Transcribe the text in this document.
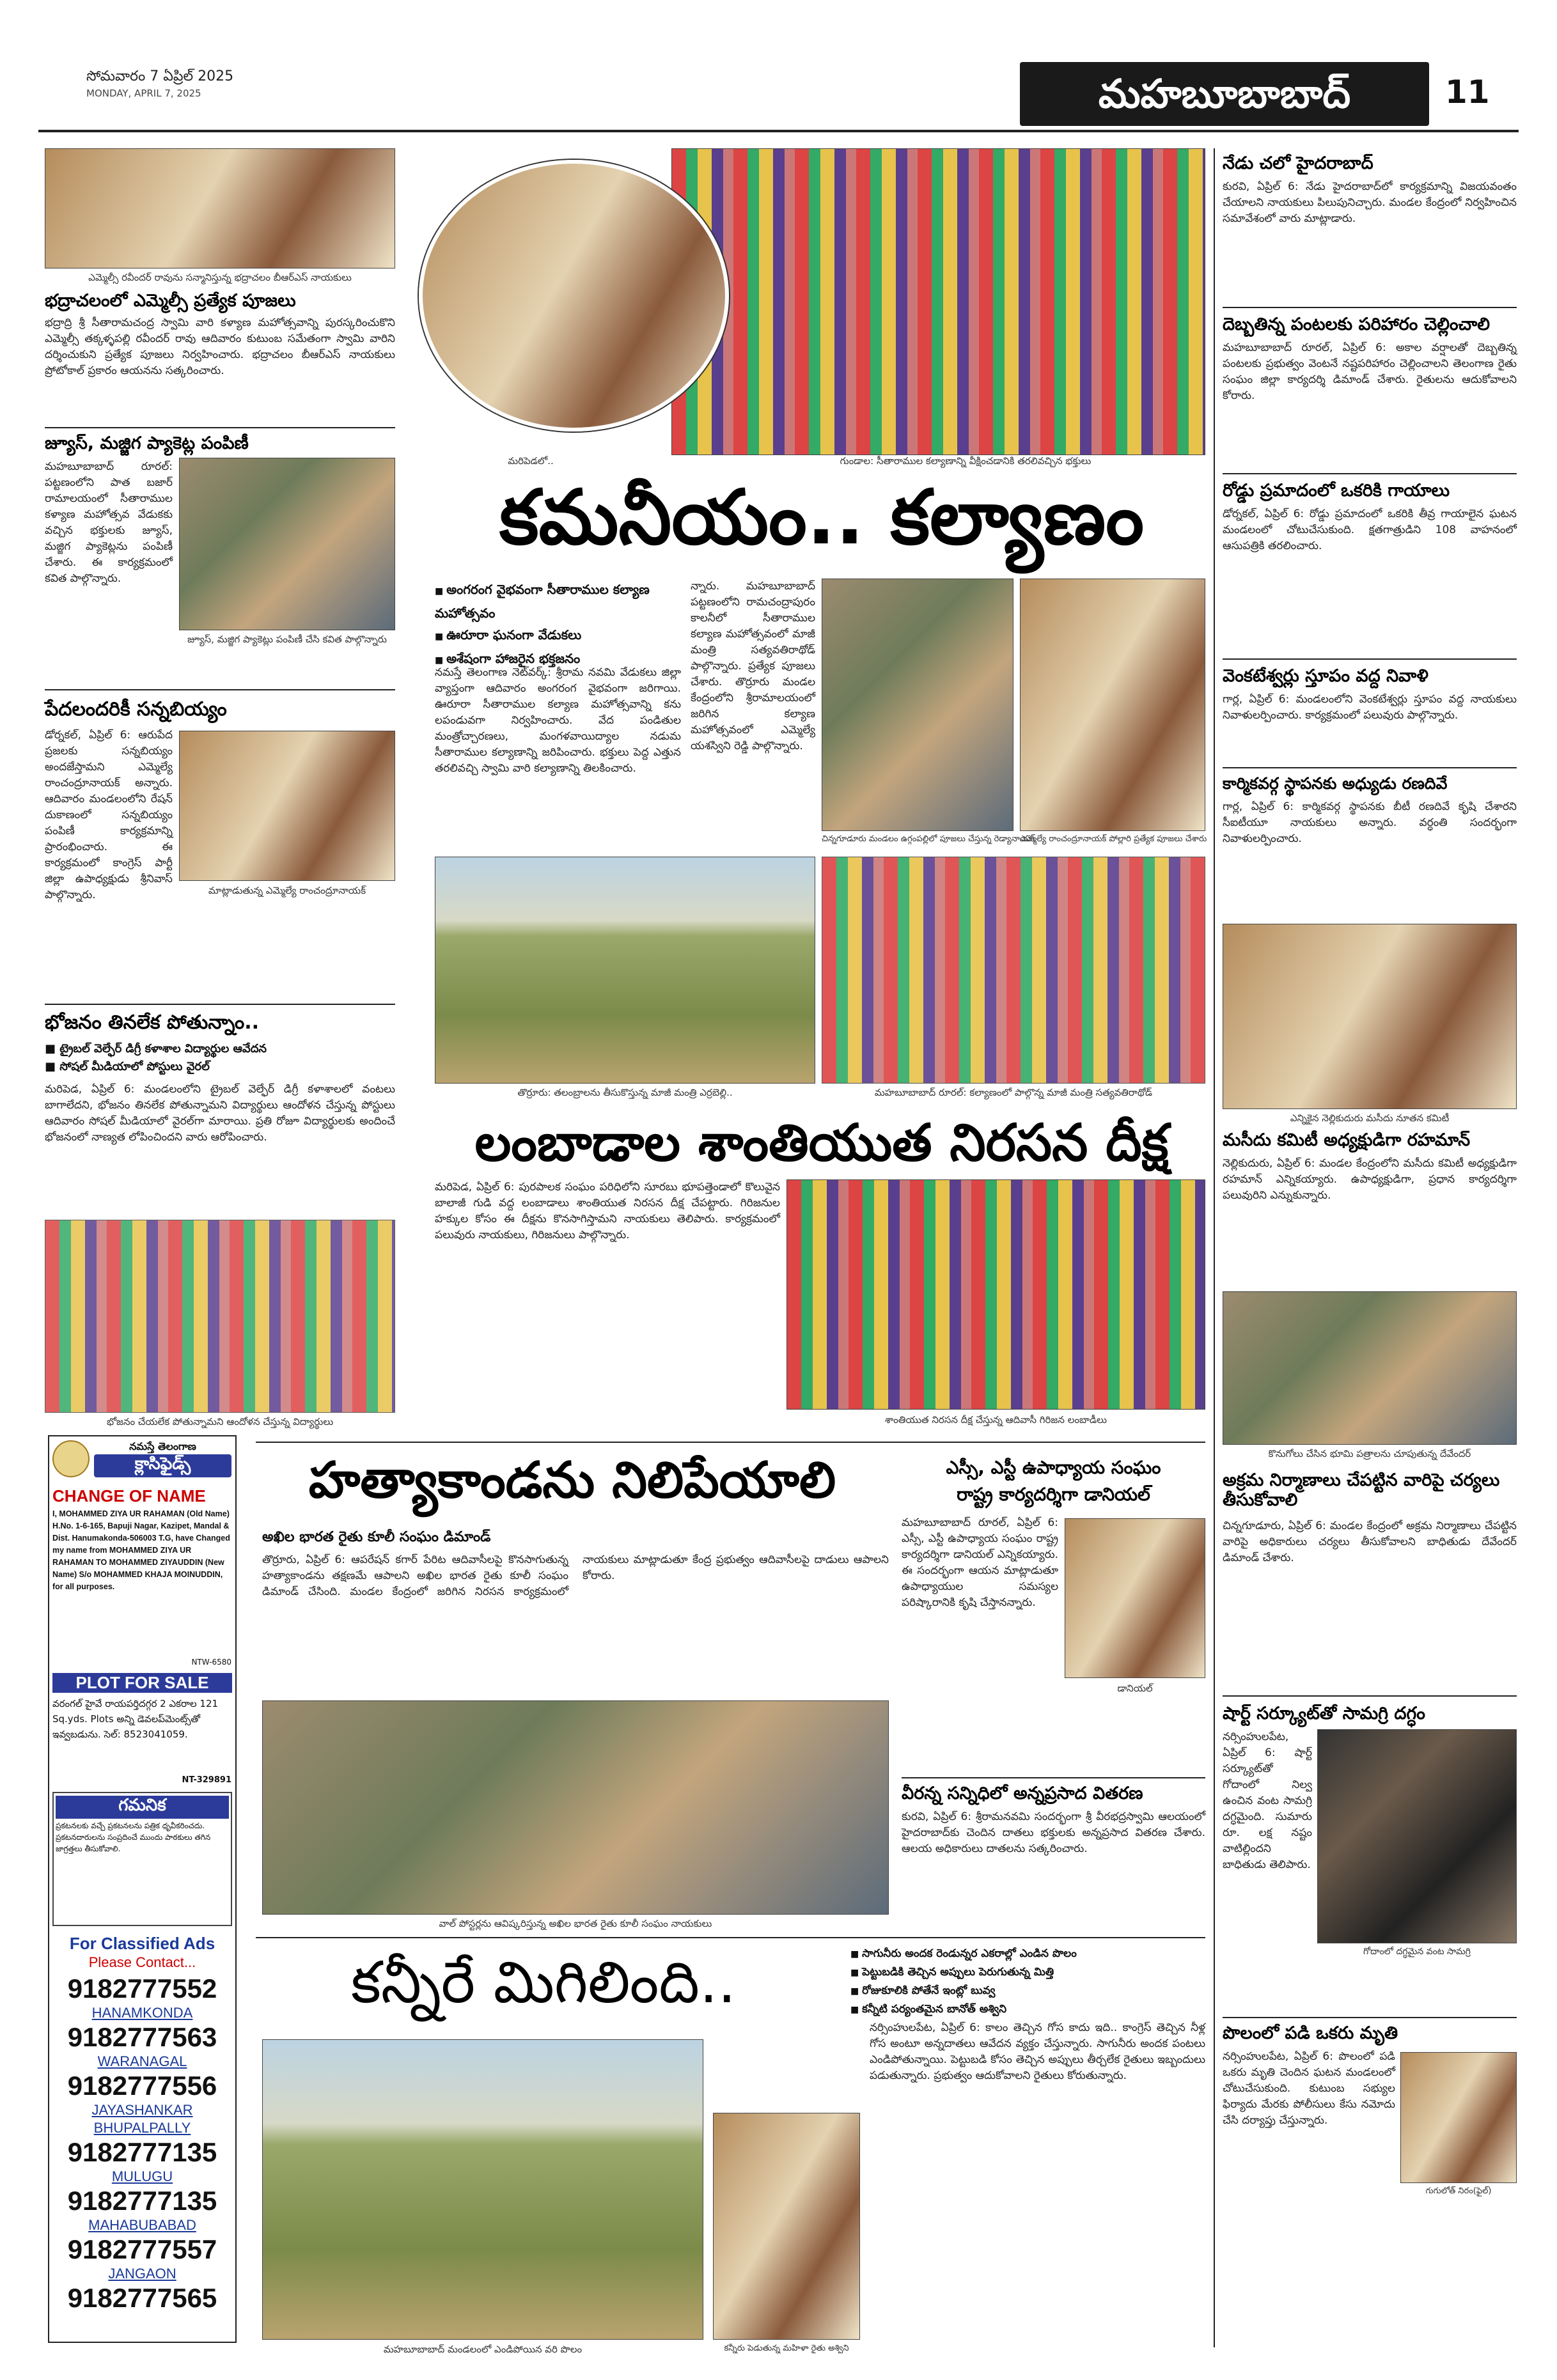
సోమవారం 7 ఏప్రిల్ 2025
MONDAY, APRIL 7, 2025	మహబూబాబాద్	11
ఎమ్మెల్సీ రవీందర్ రావును సన్మానిస్తున్న భద్రాచలం బీఆర్ఎస్ నాయకులు
భద్రాచలంలో ఎమ్మెల్సీ ప్రత్యేక పూజలు
భద్రాద్రి శ్రీ సీతారామచంద్ర స్వామి వారి కళ్యాణ మహోత్సవాన్ని పురస్కరించుకొని ఎమ్మెల్సీ తక్కళ్ళపల్లి రవీందర్ రావు ఆదివారం కుటుంబ సమేతంగా స్వామి వారిని దర్శించుకుని ప్రత్యేక పూజలు నిర్వహించారు. భద్రాచలం బీఆర్ఎస్ నాయకులు ప్రోటోకాల్ ప్రకారం ఆయనను సత్కరించారు.
జ్యూస్, మజ్జిగ ప్యాకెట్ల పంపిణీ
మహబూబాబాద్ రూరల్: పట్టణంలోని పాత బజార్ రామాలయంలో సీతారాముల కళ్యాణ మహోత్సవ వేడుకకు వచ్చిన భక్తులకు జ్యూస్, మజ్జిగ ప్యాకెట్లను పంపిణీ చేశారు. ఈ కార్యక్రమంలో కవిత పాల్గొన్నారు.
జ్యూస్, మజ్జిగ ప్యాకెట్లు పంపిణీ చేసి కవిత పాల్గొన్నారు
పేదలందరికీ సన్నబియ్యం
డోర్నకల్, ఏప్రిల్ 6: ఆరుపేద ప్రజలకు సన్నబియ్యం అందజేస్తామని ఎమ్మెల్యే రాంచంద్రూనాయక్ అన్నారు. ఆదివారం మండలంలోని రేషన్ దుకాణంలో సన్నబియ్యం పంపిణీ కార్యక్రమాన్ని ప్రారంభించారు. ఈ కార్యక్రమంలో కాంగ్రెస్ పార్టీ జిల్లా ఉపాధ్యక్షుడు శ్రీనివాస్ పాల్గొన్నారు.	మాట్లాడుతున్న ఎమ్మెల్యే రాంచంద్రూనాయక్
భోజనం తినలేక పోతున్నాం..
■ ట్రైబల్ వెల్ఫేర్ డిగ్రీ కళాశాల విద్యార్థుల ఆవేదన
■ సోషల్ మీడియాలో పోస్టులు వైరల్
మరిపెడ, ఏప్రిల్ 6: మండలంలోని ట్రైబల్ వెల్ఫేర్ డిగ్రీ కళాశాలలో వంటలు బాగాలేదని, భోజనం తినలేక పోతున్నామని విద్యార్థులు ఆందోళన చేస్తున్న పోస్టులు ఆదివారం సోషల్ మీడియాలో వైరల్‌గా మారాయి. ప్రతి రోజూ విద్యార్థులకు అందించే భోజనంలో నాణ్యత లోపించిందని వారు ఆరోపించారు.
భోజనం చేయలేక పోతున్నామని ఆందోళన చేస్తున్న విద్యార్థులు
నమస్తే తెలంగాణ
క్లాసిఫైడ్స్
CHANGE OF NAME
I, MOHAMMED ZIYA UR RAHAMAN (Old Name) H.No. 1-6-165, Bapuji Nagar, Kazipet, Mandal & Dist. Hanumakonda-506003 T.G, have Changed my name from MOHAMMED ZIYA UR RAHAMAN TO MOHAMMED ZIYAUDDIN (New Name) S/o MOHAMMED KHAJA MOINUDDIN, for all purposes.
NTW-6580
PLOT FOR SALE
వరంగల్ హైవే రాయపర్తిదగ్గర 2 ఎకరాల 121 Sq.yds. Plots అన్ని డెవలప్‌మెంట్స్‌తో ఇవ్వబడును. సెల్: 8523041059.
NT-329891
గమనిక
ప్రకటనలకు వచ్చే ప్రకటనలను పత్రిక ధృవీకరించదు. ప్రకటనదారులను సంప్రదించే ముందు పాఠకులు తగిన జాగ్రత్తలు తీసుకోవాలి.
For Classified Ads
Please Contact...
9182777552
HANAMKONDA
9182777563
WARANAGAL
9182777556
JAYASHANKAR BHUPALPALLY
9182777135
MULUGU
9182777135
MAHABUBABAD
9182777557
JANGAON
9182777565
మరిపెడలో..	గుండాల: సీతారాముల కల్యాణాన్ని వీక్షించడానికి తరలివచ్చిన భక్తులు
కమనీయం.. కల్యాణం
■ అంగరంగ వైభవంగా సీతారాముల కల్యాణ మహోత్సవం
■ ఊరూరా ఘనంగా వేడుకలు
■ అశేషంగా హాజరైన భక్తజనం
నమస్తే తెలంగాణ నెట్‌వర్క్: శ్రీరామ నవమి వేడుకలు జిల్లా వ్యాప్తంగా ఆదివారం అంగరంగ వైభవంగా జరిగాయి. ఊరూరా సీతారాముల కల్యాణ మహోత్సవాన్ని కను లపండువగా నిర్వహించారు. వేద పండితుల మంత్రోచ్చారణలు, మంగళవాయిద్యాల నడుమ సీతారాముల కల్యాణాన్ని జరిపించారు. భక్తులు పెద్ద ఎత్తున తరలివచ్చి స్వామి వారి కల్యాణాన్ని తిలకించారు.
న్నారు. మహబూబాబాద్ పట్టణంలోని రామచంద్రాపురం కాలనీలో సీతారాముల కల్యాణ మహోత్సవంలో మాజీ మంత్రి సత్యవతిరాథోడ్ పాల్గొన్నారు. ప్రత్యేక పూజలు చేశారు. తొర్రూరు మండల కేంద్రంలోని శ్రీరామాలయంలో జరిగిన కల్యాణ మహోత్సవంలో ఎమ్మెల్యే యశస్విని రెడ్డి పాల్గొన్నారు.
చిన్నగూడూరు మండలం ఉగ్గంపల్లిలో పూజలు చేస్తున్న రెడ్యానాయక్
ఎమ్మెల్యే రాంచంద్రూనాయక్ పోల్లారి ప్రత్యేక పూజలు చేశారు
తొర్రూరు: తలంబ్రాలను తీసుకొస్తున్న మాజీ మంత్రి ఎర్రబెల్లి..	మహబూబాబాద్ రూరల్: కల్యాణంలో పాల్గొన్న మాజీ మంత్రి సత్యవతిరాథోడ్
లంబాడాల శాంతియుత నిరసన దీక్ష
మరిపెడ, ఏప్రిల్ 6: పురపాలక సంఘం పరిధిలోని సూరబు భూపత్తెండాలో కొలువైన బాలాజీ గుడి వద్ద లంబాడాలు శాంతియుత నిరసన దీక్ష చేపట్టారు. గిరిజనుల హక్కుల కోసం ఈ దీక్షను కొనసాగిస్తామని నాయకులు తెలిపారు. కార్యక్రమంలో పలువురు నాయకులు, గిరిజనులు పాల్గొన్నారు.
శాంతియుత నిరసన దీక్ష చేస్తున్న ఆదివాసీ గిరిజన లంబాడీలు
హత్యాకాండను నిలిపేయాలి
అఖిల భారత రైతు కూలీ సంఘం డిమాండ్
తొర్రూరు, ఏప్రిల్ 6: ఆపరేషన్ కగార్ పేరిట ఆదివాసీలపై కొనసాగుతున్న హత్యాకాండను తక్షణమే ఆపాలని అఖిల భారత రైతు కూలీ సంఘం డిమాండ్ చేసింది. మండల కేంద్రంలో జరిగిన నిరసన కార్యక్రమంలో నాయకులు మాట్లాడుతూ కేంద్ర ప్రభుత్వం ఆదివాసీలపై దాడులు ఆపాలని కోరారు.
వాల్ పోస్టర్లను ఆవిష్కరిస్తున్న అఖిల భారత రైతు కూలీ సంఘం నాయకులు
ఎస్సీ, ఎస్టీ ఉపాధ్యాయ సంఘం
రాష్ట్ర కార్యదర్శిగా డానియల్
మహబూబాబాద్ రూరల్, ఏప్రిల్ 6: ఎస్సీ, ఎస్టీ ఉపాధ్యాయ సంఘం రాష్ట్ర కార్యదర్శిగా డానియల్ ఎన్నికయ్యారు. ఈ సందర్భంగా ఆయన మాట్లాడుతూ ఉపాధ్యాయుల సమస్యల పరిష్కారానికి కృషి చేస్తానన్నారు.
డానియల్
వీరన్న సన్నిధిలో అన్నప్రసాద వితరణ
కురవి, ఏప్రిల్ 6: శ్రీరామనవమి సందర్భంగా శ్రీ వీరభద్రస్వామి ఆలయంలో హైదరాబాద్‌కు చెందిన దాతలు భక్తులకు అన్నప్రసాద వితరణ చేశారు. ఆలయ అధికారులు దాతలను సత్కరించారు.
కన్నీరే మిగిలింది..
■	సాగునీరు అందక రెండున్నర ఎకరాల్లో ఎండిన పొలం
■ పెట్టుబడికి తెచ్చిన అప్పులు పెరుగుతున్న మిత్తి
■ రోజుకూలికి పోతేనే ఇంట్లో బువ్వ
■ కన్నీటి పర్యంతమైన బానోత్ అశ్విని
మహబూబాబాద్ మండలంలో ఎండిపోయిన వరి పొలం	కన్నీరు పెడుతున్న మహిళా రైతు అశ్విని
నర్సింహులపేట, ఏప్రిల్ 6: కాలం తెచ్చిన గోస కాదు ఇది.. కాంగ్రెస్ తెచ్చిన నీళ్ల గోస అంటూ అన్నదాతలు ఆవేదన వ్యక్తం చేస్తున్నారు. సాగునీరు అందక పంటలు ఎండిపోతున్నాయి. పెట్టుబడి కోసం తెచ్చిన అప్పులు తీర్చలేక రైతులు ఇబ్బందులు పడుతున్నారు. ప్రభుత్వం ఆదుకోవాలని రైతులు కోరుతున్నారు.
నేడు చలో హైదరాబాద్
కురవి, ఏప్రిల్ 6: నేడు హైదరాబాద్‌లో కార్యక్రమాన్ని విజయవంతం చేయాలని నాయకులు పిలుపునిచ్చారు. మండల కేంద్రంలో నిర్వహించిన సమావేశంలో వారు మాట్లాడారు.
దెబ్బతిన్న పంటలకు పరిహారం చెల్లించాలి
మహబూబాబాద్ రూరల్, ఏప్రిల్ 6: అకాల వర్షాలతో దెబ్బతిన్న పంటలకు ప్రభుత్వం వెంటనే నష్టపరిహారం చెల్లించాలని తెలంగాణ రైతు సంఘం జిల్లా కార్యదర్శి డిమాండ్ చేశారు. రైతులను ఆదుకోవాలని కోరారు.
రోడ్డు ప్రమాదంలో ఒకరికి గాయాలు
డోర్నకల్, ఏప్రిల్ 6: రోడ్డు ప్రమాదంలో ఒకరికి తీవ్ర గాయాలైన ఘటన మండలంలో చోటుచేసుకుంది. క్షతగాత్రుడిని 108 వాహనంలో ఆసుపత్రికి తరలించారు.
వెంకటేశ్వర్లు స్తూపం వద్ద నివాళి
గార్ల, ఏప్రిల్ 6: మండలంలోని వెంకటేశ్వర్లు స్తూపం వద్ద నాయకులు నివాళులర్పించారు. కార్యక్రమంలో పలువురు పాల్గొన్నారు.
కార్మికవర్గ స్థాపనకు అధ్యుడు రణదివే
గార్ల, ఏప్రిల్ 6: కార్మికవర్గ స్థాపనకు బీటీ రణదివే కృషి చేశారని సీఐటీయూ నాయకులు అన్నారు. వర్ధంతి సందర్భంగా నివాళులర్పించారు.
ఎన్నికైన నెల్లికుదురు మసీదు నూతన కమిటీ
మసీదు కమిటీ అధ్యక్షుడిగా రహమాన్
నెల్లికుదురు, ఏప్రిల్ 6: మండల కేంద్రంలోని మసీదు కమిటీ అధ్యక్షుడిగా రహమాన్ ఎన్నికయ్యారు. ఉపాధ్యక్షుడిగా, ప్రధాన కార్యదర్శిగా పలువురిని ఎన్నుకున్నారు.
కొనుగోలు చేసిన భూమి పత్రాలను చూపుతున్న దేవేందర్
అక్రమ నిర్మాణాలు చేపట్టిన వారిపై చర్యలు తీసుకోవాలి
చిన్నగూడూరు, ఏప్రిల్ 6: మండల కేంద్రంలో అక్రమ నిర్మాణాలు చేపట్టిన వారిపై అధికారులు చర్యలు తీసుకోవాలని బాధితుడు దేవేందర్ డిమాండ్ చేశారు.
షార్ట్ సర్క్యూట్‌తో సామగ్రి దగ్ధం
నర్సింహులపేట, ఏప్రిల్ 6: షార్ట్ సర్క్యూట్‌తో గోదాంలో నిల్వ ఉంచిన వంట సామగ్రి దగ్ధమైంది. సుమారు రూ. లక్ష నష్టం వాటిల్లిందని బాధితుడు తెలిపారు.
గోదాంలో దగ్ధమైన వంట సామగ్రి
పొలంలో పడి ఒకరు మృతి
నర్సింహులపేట, ఏప్రిల్ 6: పొలంలో పడి ఒకరు మృతి చెందిన ఘటన మండలంలో చోటుచేసుకుంది. కుటుంబ సభ్యుల ఫిర్యాదు మేరకు పోలీసులు కేసు నమోదు చేసి దర్యాప్తు చేస్తున్నారు.
గుగులోత్ నిరం(ఫైల్)
